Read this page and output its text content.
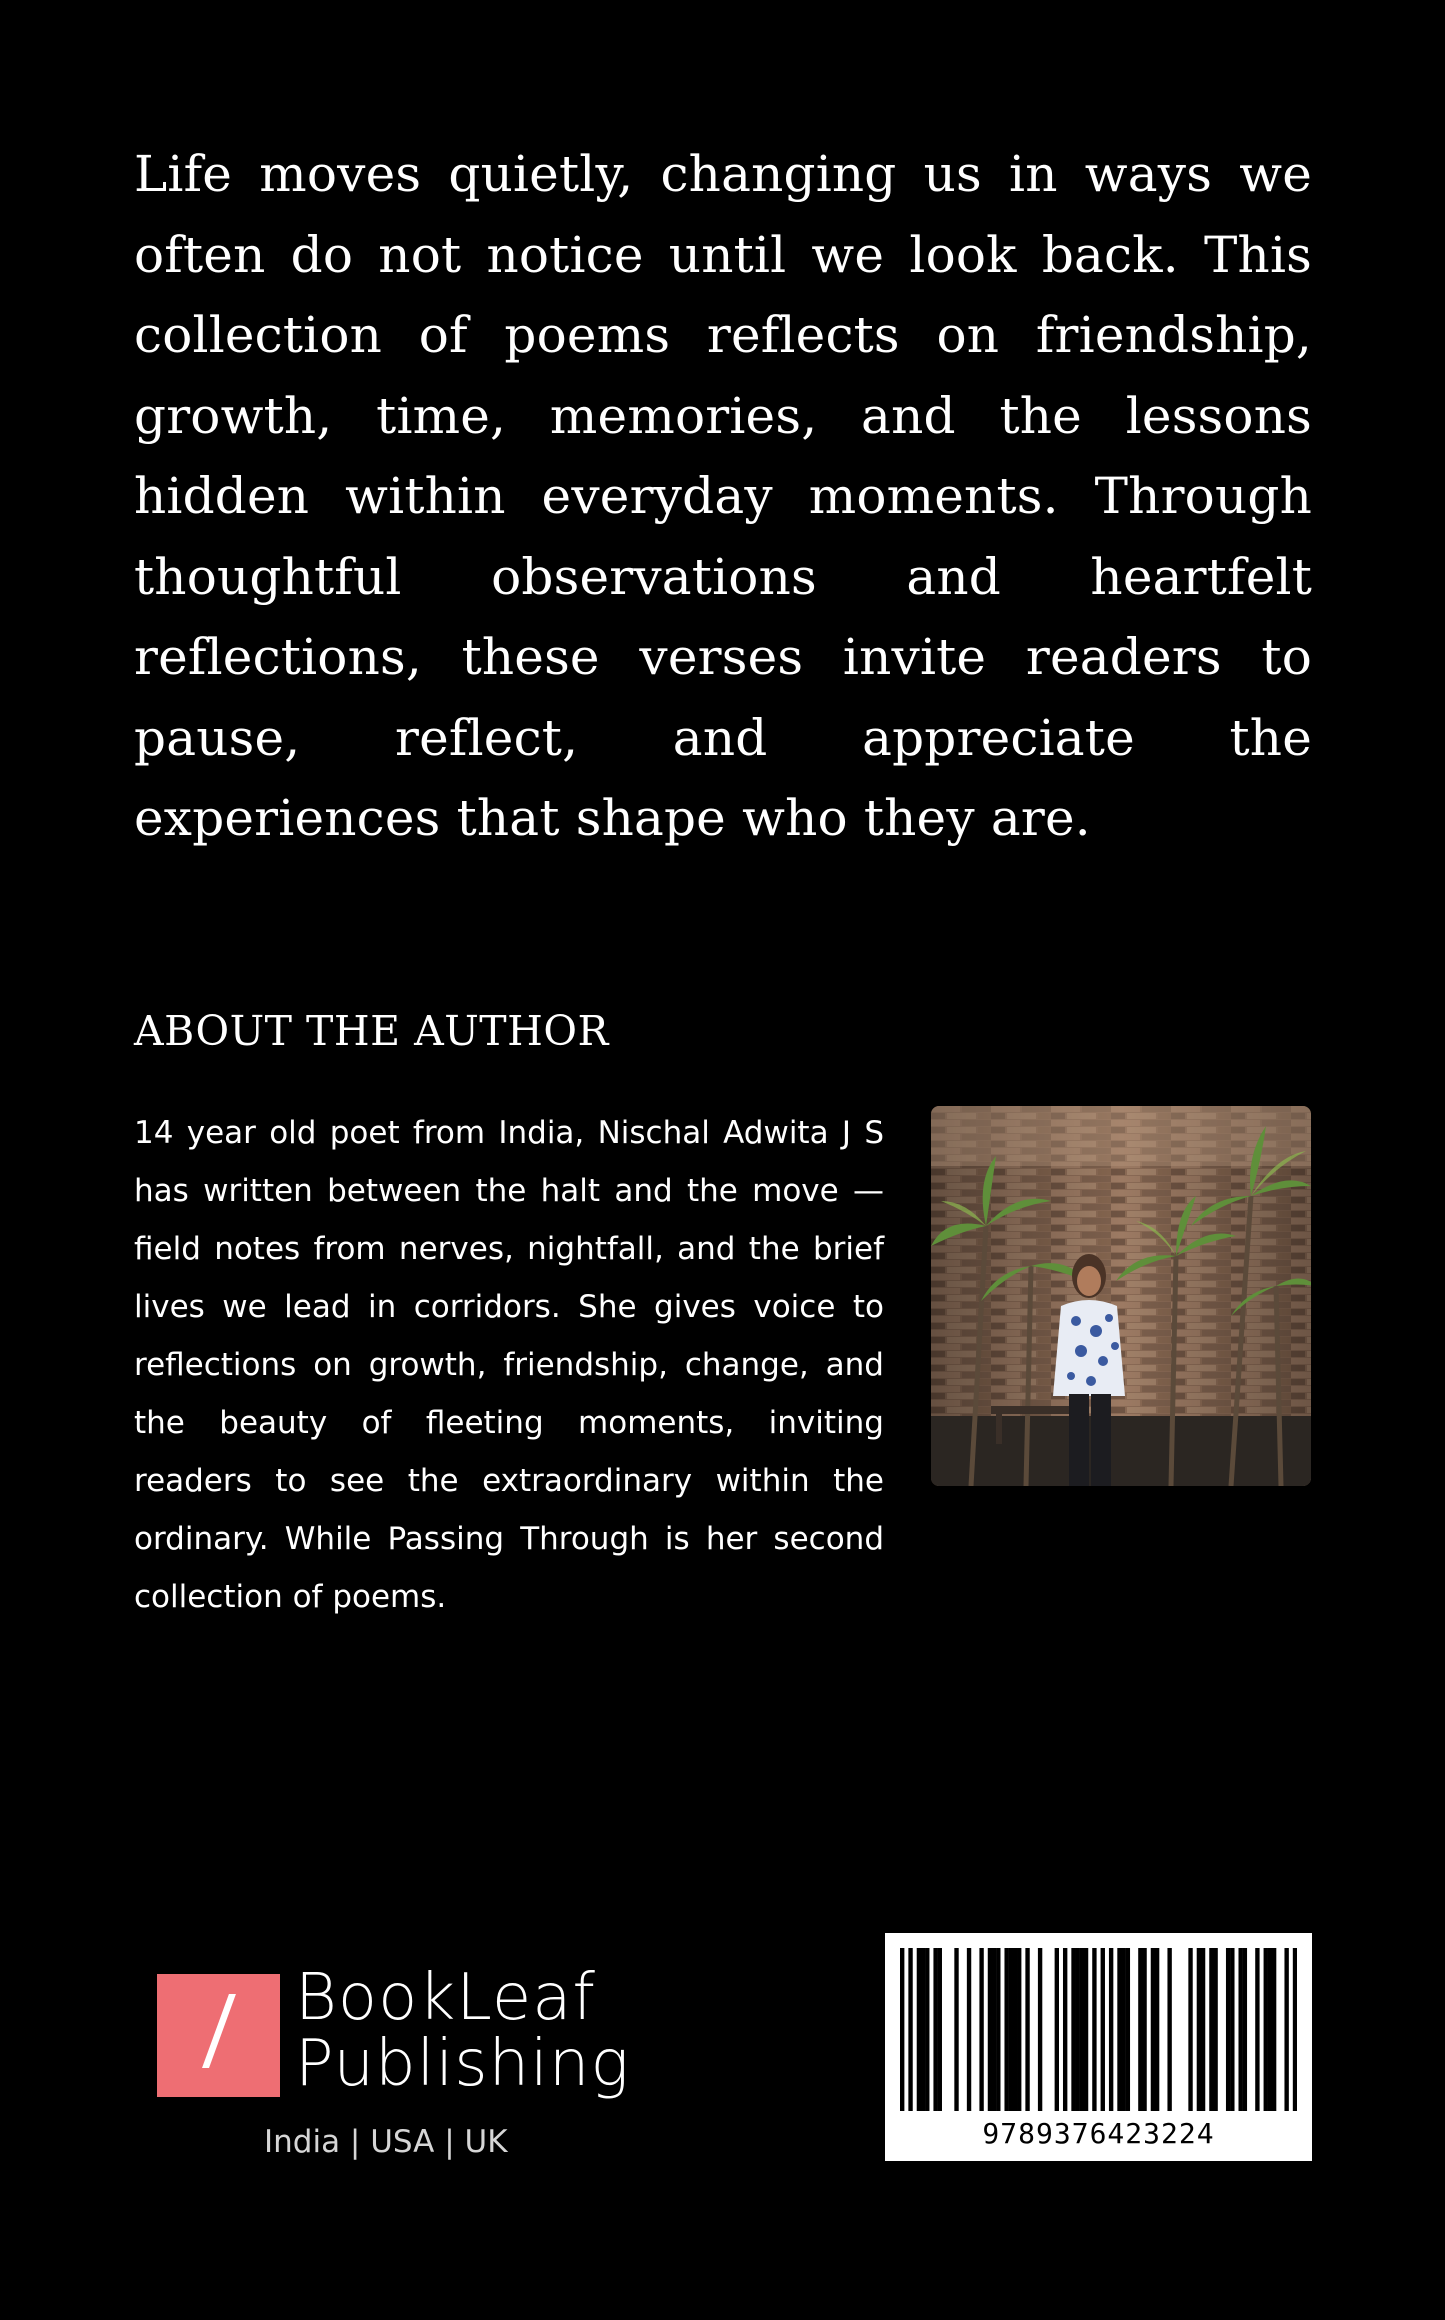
Life moves quietly, changing us in ways we often do not notice until we look back. This collection of poems reflects on friendship, growth, time, memories, and the lessons hidden within everyday moments. Through thoughtful observations and heartfelt reflections, these verses invite readers to pause, reflect, and appreciate the experiences that shape who they are.

ABOUT THE AUTHOR

14 year old poet from India, Nischal Adwita J S has written between the halt and the move — field notes from nerves, nightfall, and the brief lives we lead in corridors. She gives voice to reflections on growth, friendship, change, and the beauty of fleeting moments, inviting readers to see the extraordinary within the ordinary. While Passing Through is her second collection of poems.

BookLeaf

Publishing

India | USA | UK	9789376423224
